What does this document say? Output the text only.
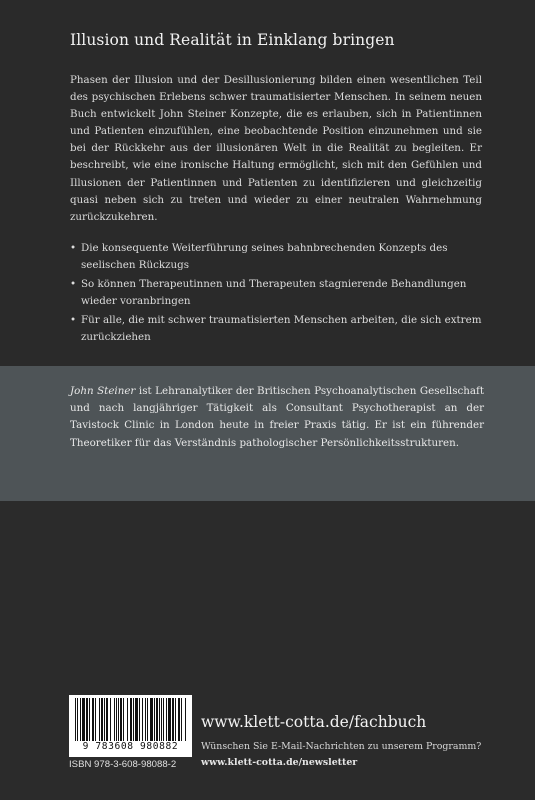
Illusion und Realität in Einklang bringen

Phasen der Illusion und der Desillusionierung bilden einen wesentlichen Teil des psychischen Erlebens schwer traumatisierter Menschen. In seinem neuen Buch entwickelt John Steiner Konzepte, die es erlauben, sich in Patientinnen und Patienten einzufühlen, eine beobachtende Position einzunehmen und sie bei der Rückkehr aus der illusionären Welt in die Realität zu begleiten. Er beschreibt, wie eine ironische Haltung ermöglicht, sich mit den Gefühlen und Illusionen der Patientinnen und Patienten zu identifizieren und gleichzeitig quasi neben sich zu treten und wieder zu einer neutralen Wahrnehmung zurückzukehren.

• Die konsequente Weiterführung seines bahnbrechenden Konzepts des seelischen Rückzugs
• So können Therapeutinnen und Therapeuten stagnierende Behandlungen wieder voranbringen
• Für alle, die mit schwer traumatisierten Menschen arbeiten, die sich extrem zurückziehen

John Steiner ist Lehranalytiker der Britischen Psychoanalytischen Gesellschaft und nach langjähriger Tätigkeit als Consultant Psychotherapist an der Tavistock Clinic in London heute in freier Praxis tätig. Er ist ein führender Theoretiker für das Verständnis pathologischer Persönlichkeitsstrukturen.

9 783608 980882
ISBN 978-3-608-98088-2
www.klett-cotta.de/fachbuch
Wünschen Sie E-Mail-Nachrichten zu unserem Programm?
www.klett-cotta.de/newsletter
